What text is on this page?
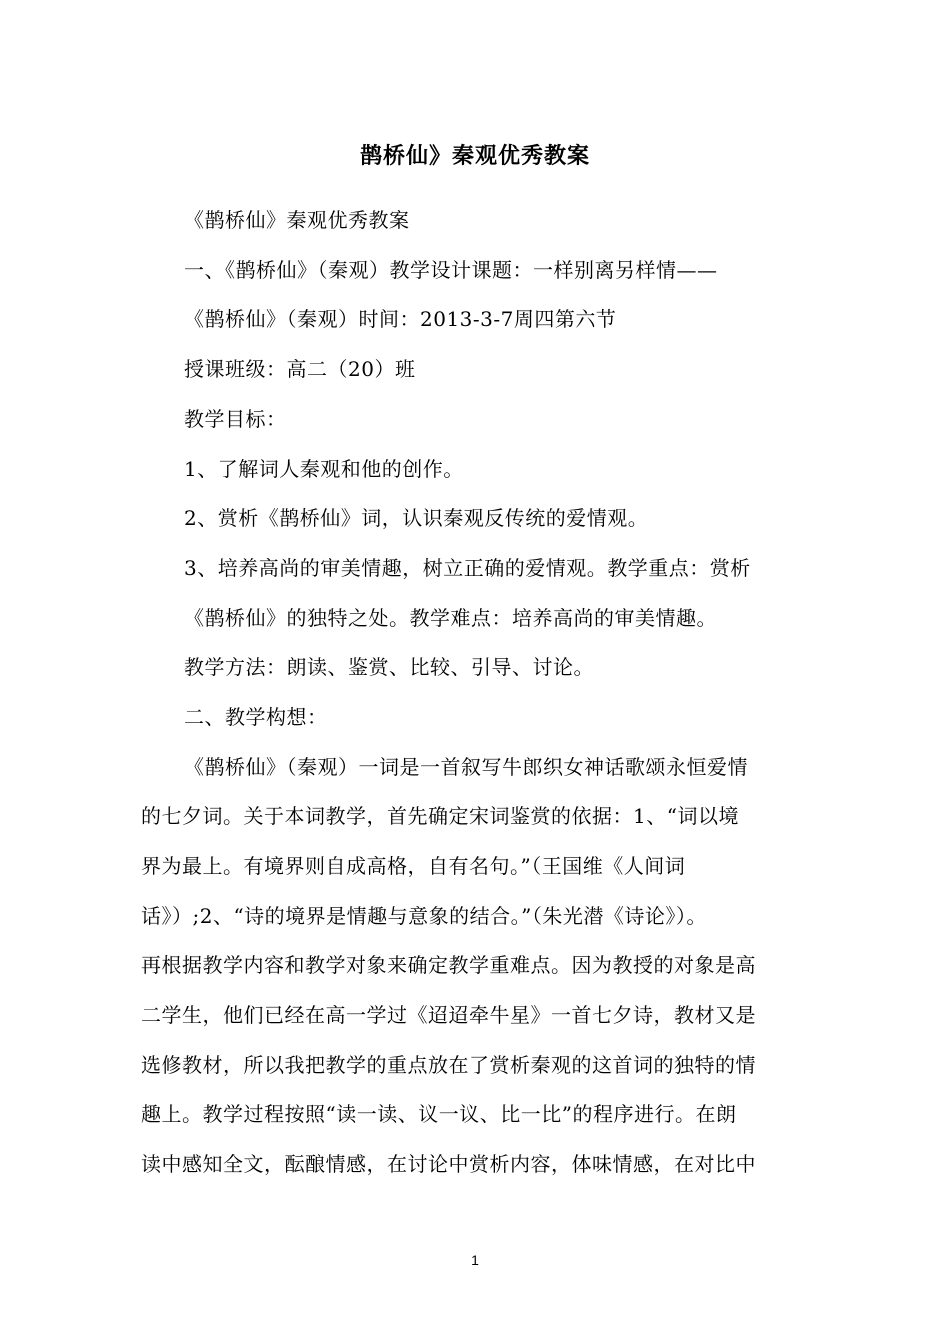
鹊桥仙》秦观优秀教案
《鹊桥仙》秦观优秀教案
一、《鹊桥仙》（秦观）教学设计课题：一样别离另样情——
《鹊桥仙》（秦观）时间：2013-3-7周四第六节
授课班级：高二（20）班
教学目标：
1、了解词人秦观和他的创作。
2、赏析《鹊桥仙》词，认识秦观反传统的爱情观。
3、培养高尚的审美情趣，树立正确的爱情观。教学重点：赏析
《鹊桥仙》的独特之处。教学难点：培养高尚的审美情趣。
教学方法：朗读、鉴赏、比较、引导、讨论。
二、教学构想：
《鹊桥仙》（秦观）一词是一首叙写牛郎织女神话歌颂永恒爱情
的七夕词。关于本词教学，首先确定宋词鉴赏的依据：1、“词以境
界为最上。有境界则自成高格，自有名句。”（王国维《人间词
话》）;2、“诗的境界是情趣与意象的结合。”（朱光潜《诗论》）。
再根据教学内容和教学对象来确定教学重难点。因为教授的对象是高
二学生，他们已经在高一学过《迢迢牵牛星》一首七夕诗，教材又是
选修教材，所以我把教学的重点放在了赏析秦观的这首词的独特的情
趣上。教学过程按照“读一读、议一议、比一比”的程序进行。在朗
读中感知全文，酝酿情感，在讨论中赏析内容，体味情感，在对比中
1
